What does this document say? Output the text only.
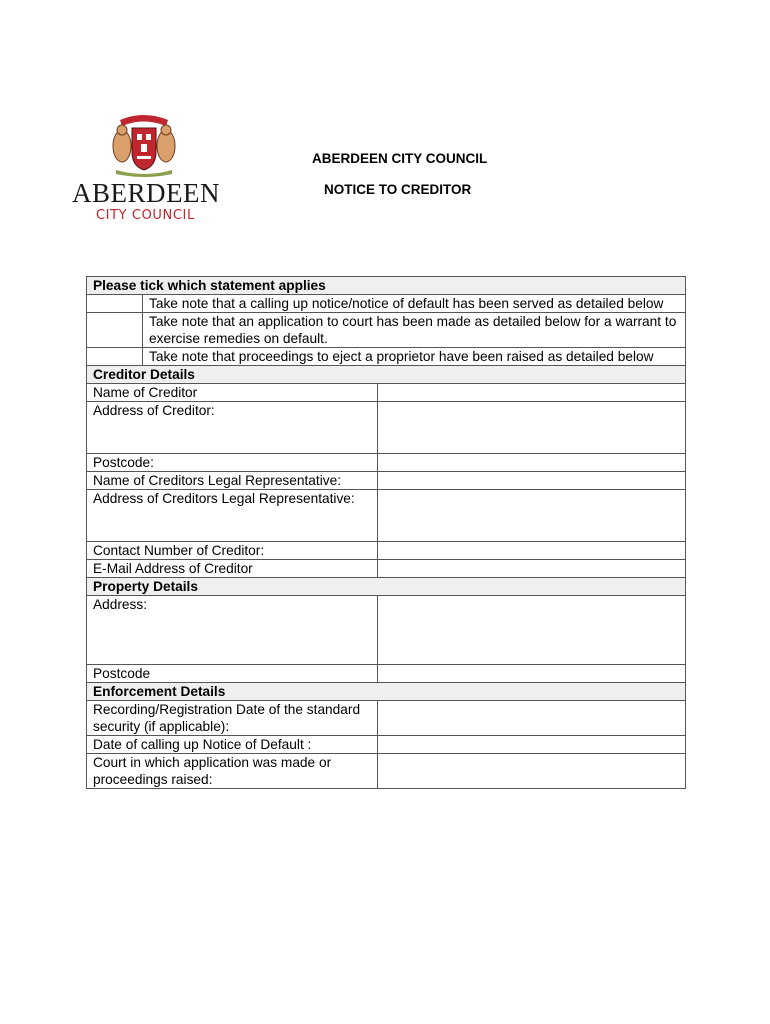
ABERDEEN
CITY COUNCIL
ABERDEEN CITY COUNCIL
NOTICE TO CREDITOR
Please tick which statement applies		
	Take note that a calling up notice/notice of default has been served as detailed below	
	Take note that an application to court has been made as detailed below for a warrant to exercise remedies on default.	
	Take note that proceedings to eject a proprietor have been raised as detailed below	
Creditor Details		
Name of Creditor		
Address of Creditor:		
Postcode:		
Name of Creditors Legal Representative:		
Address of Creditors Legal Representative:		
Contact Number of Creditor:		
E-Mail Address of Creditor		
Property Details		
Address:		
Postcode		
Enforcement Details		
Recording/Registration Date of the standard security (if applicable):		
Date of calling up Notice of Default :		
Court in which application was made or proceedings raised:		
